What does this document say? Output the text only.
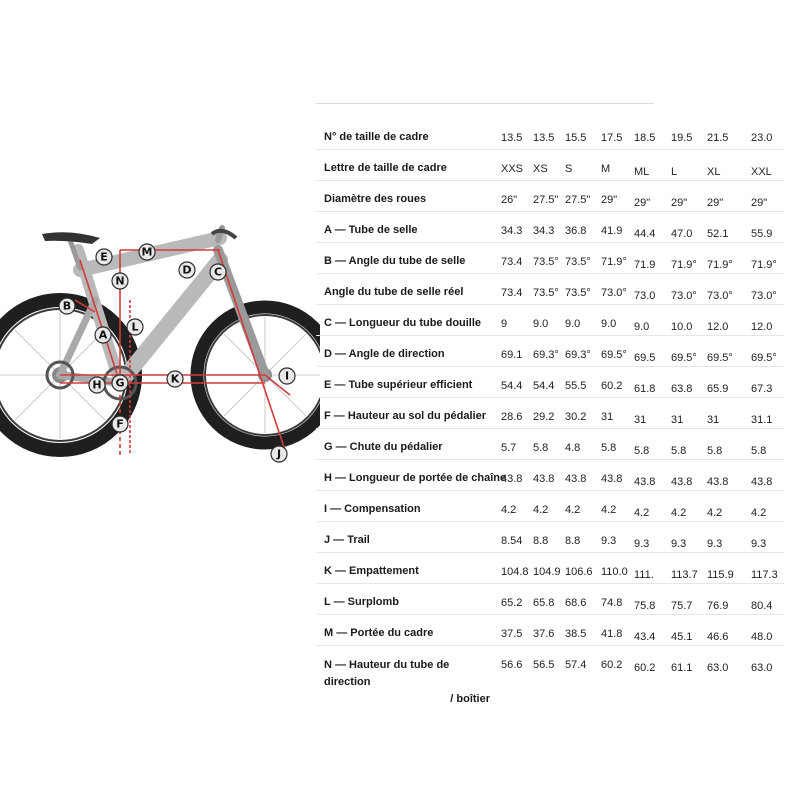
A
B
C
D
E
F
G
H
I
J
K
L
M
N
N° de taille de cadre	13.5 13.5 15.5 17.5 18.5 19.5 21.5 23.0
Lettre de taille de cadre	XXS XS S	M ML L	XL	XXL
Diamètre des roues	26" 27.5" 27.5" 29" 29" 29" 29"	29"
A — Tube de selle	34.3 34.3 36.8 41.9 44.4 47.0 52.1 55.9
B — Angle du tube de selle	73.4 73.5° 73.5° 71.9° 71.9 71.9° 71.9° 71.9°
Angle du tube de selle réel	73.4 73.5° 73.5° 73.0° 73.0 73.0° 73.0° 73.0°
C — Longueur du tube douille	9 9.0 9.0 9.0 9.0 10.0 12.0 12.0
D — Angle de direction	69.1 69.3° 69.3° 69.5° 69.5 69.5° 69.5° 69.5°
E — Tube supérieur efficient	54.4 54.4 55.5 60.2 61.8 63.8 65.9 67.3
F — Hauteur au sol du pédalier	28.6 29.2 30.2 31 31 31 31	31.1
G — Chute du pédalier	5.7 5.8 4.8 5.8 5.8 5.8 5.8	5.8
H — Longueur de portée de chaîne
43.8 43.8 43.8 43.8 43.8 43.8 43.8 43.8
I — Compensation	4.2 4.2 4.2 4.2 4.2 4.2 4.2	4.2
J — Trail	8.54 8.8 8.8 9.3 9.3 9.3 9.3	9.3
K — Empattement	104.8 104.9 106.6 110.0 111. 113.7 115.9 117.3
L — Surplomb	65.2 65.8 68.6 74.8 75.8 75.7 76.9 80.4
M — Portée du cadre	37.5 37.6 38.5 41.8 43.4 45.1 46.6 48.0
N — Hauteur du tube de direction
/ boîtier
56.6 56.5 57.4 60.2 60.2 61.1 63.0 63.0
